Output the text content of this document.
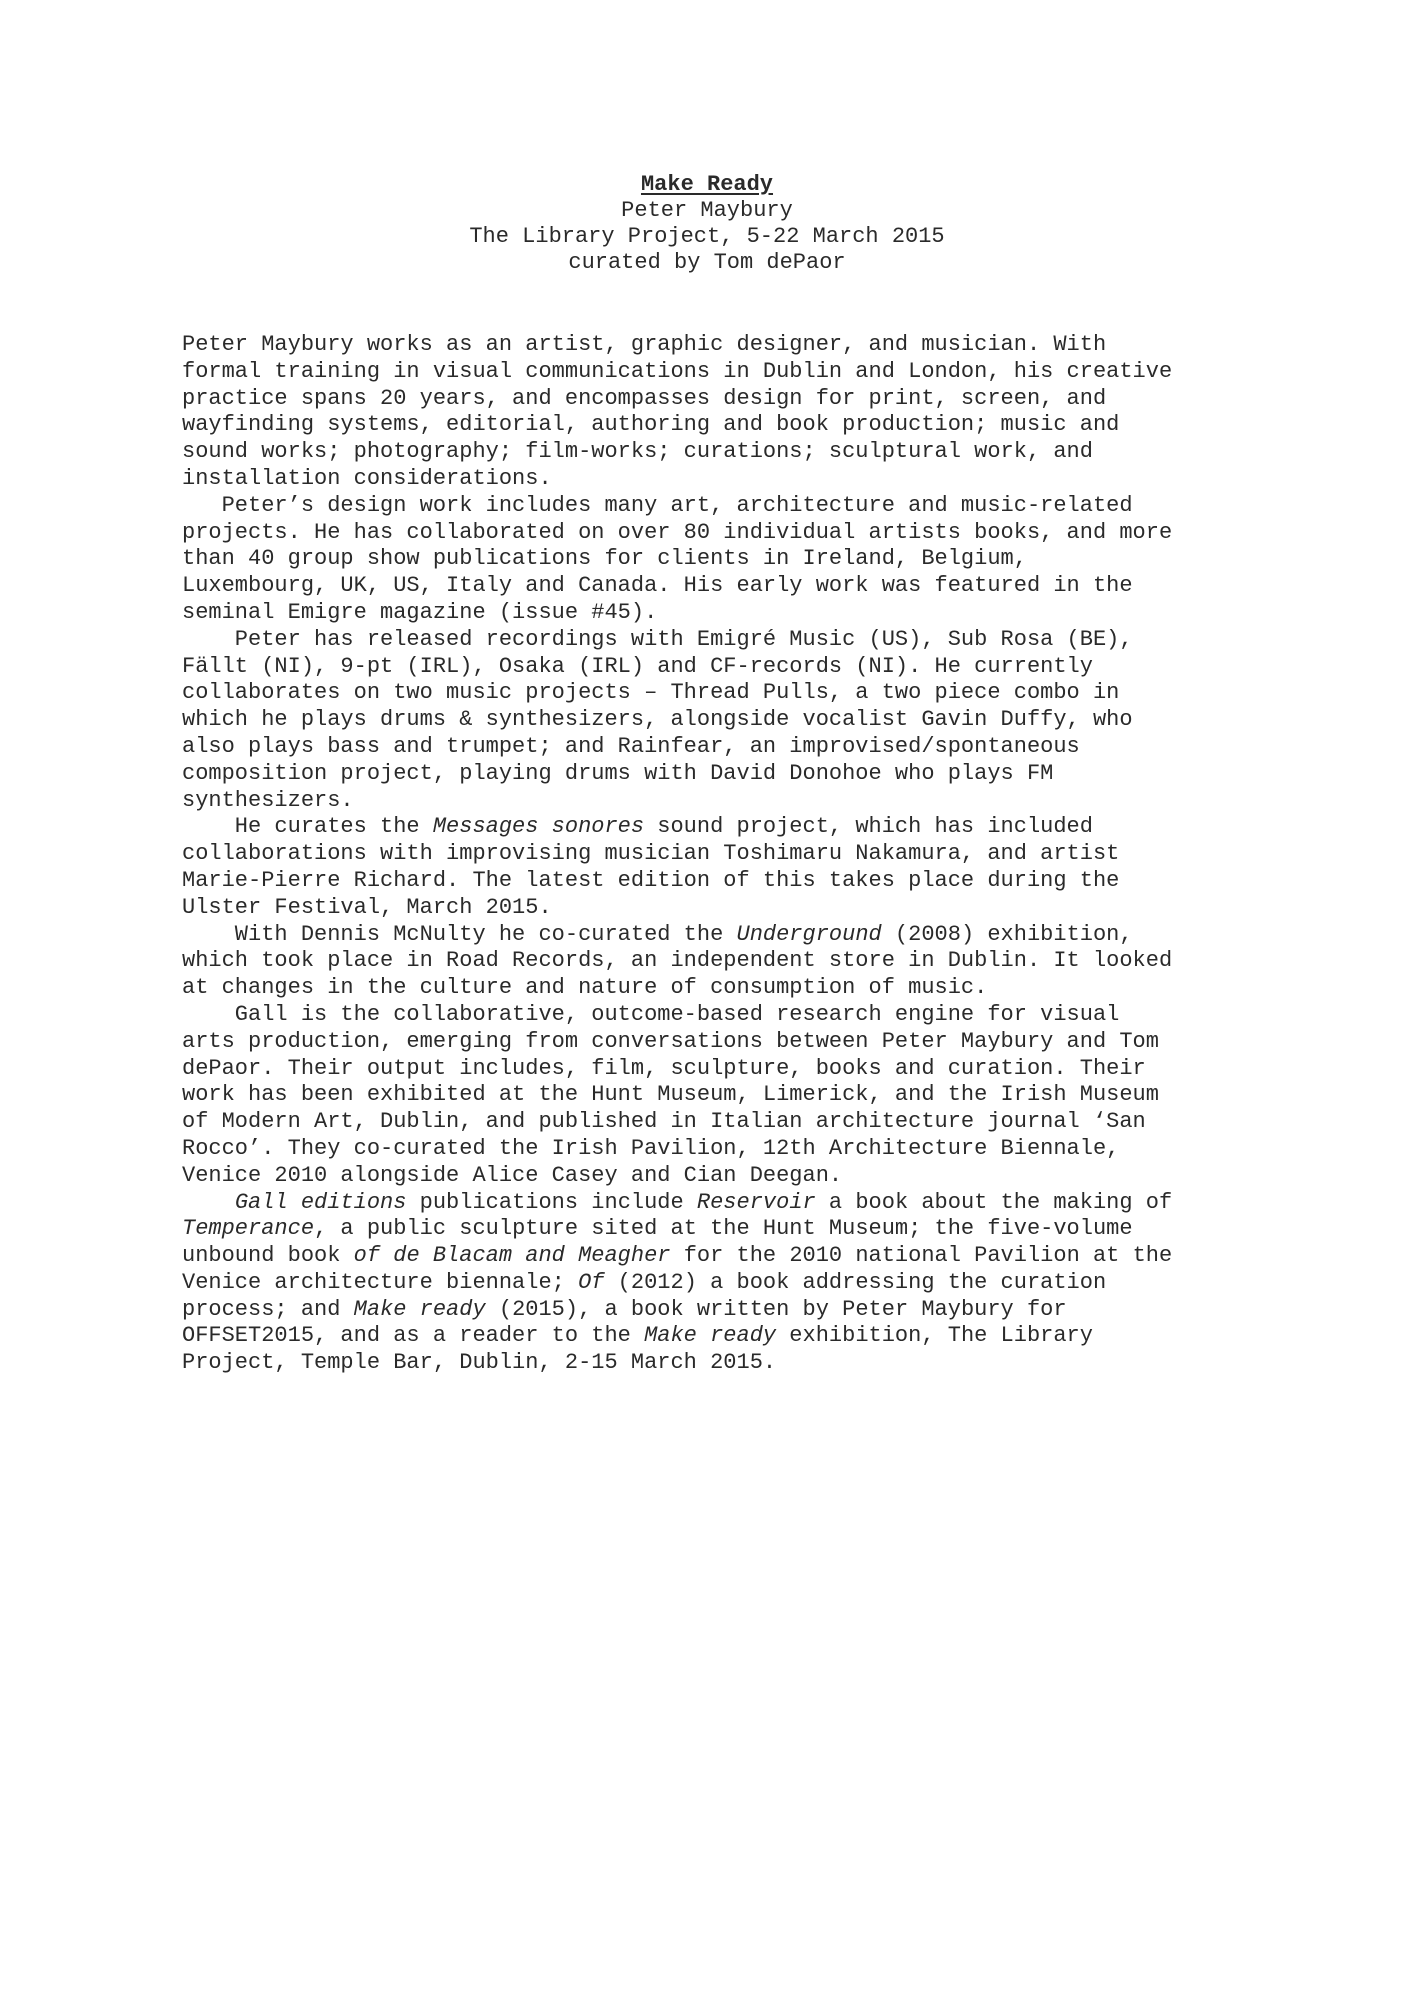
Make Ready
Peter Maybury
The Library Project, 5-22 March 2015
curated by Tom dePaor
Peter Maybury works as an artist, graphic designer, and musician. With
formal training in visual communications in Dublin and London, his creative
practice spans 20 years, and encompasses design for print, screen, and
wayfinding systems, editorial, authoring and book production; music and
sound works; photography; film-works; curations; sculptural work, and
installation considerations.
Peter’s design work includes many art, architecture and music-related
projects. He has collaborated on over 80 individual artists books, and more
than 40 group show publications for clients in Ireland, Belgium,
Luxembourg, UK, US, Italy and Canada. His early work was featured in the
seminal Emigre magazine (issue #45).
Peter has released recordings with Emigré Music (US), Sub Rosa (BE),
Fällt (NI), 9-pt (IRL), Osaka (IRL) and CF-records (NI). He currently
collaborates on two music projects – Thread Pulls, a two piece combo in
which he plays drums & synthesizers, alongside vocalist Gavin Duffy, who
also plays bass and trumpet; and Rainfear, an improvised/spontaneous
composition project, playing drums with David Donohoe who plays FM
synthesizers.
He curates the Messages sonores sound project, which has included
collaborations with improvising musician Toshimaru Nakamura, and artist
Marie-Pierre Richard. The latest edition of this takes place during the
Ulster Festival, March 2015.
With Dennis McNulty he co-curated the Underground (2008) exhibition,
which took place in Road Records, an independent store in Dublin. It looked
at changes in the culture and nature of consumption of music.
Gall is the collaborative, outcome-based research engine for visual
arts production, emerging from conversations between Peter Maybury and Tom
dePaor. Their output includes, film, sculpture, books and curation. Their
work has been exhibited at the Hunt Museum, Limerick, and the Irish Museum
of Modern Art, Dublin, and published in Italian architecture journal ‘San
Rocco’. They co-curated the Irish Pavilion, 12th Architecture Biennale,
Venice 2010 alongside Alice Casey and Cian Deegan.
Gall editions publications include Reservoir a book about the making of
Temperance, a public sculpture sited at the Hunt Museum; the five-volume
unbound book of de Blacam and Meagher for the 2010 national Pavilion at the
Venice architecture biennale; Of (2012) a book addressing the curation
process; and Make ready (2015), a book written by Peter Maybury for
OFFSET2015, and as a reader to the Make ready exhibition, The Library
Project, Temple Bar, Dublin, 2-15 March 2015.
